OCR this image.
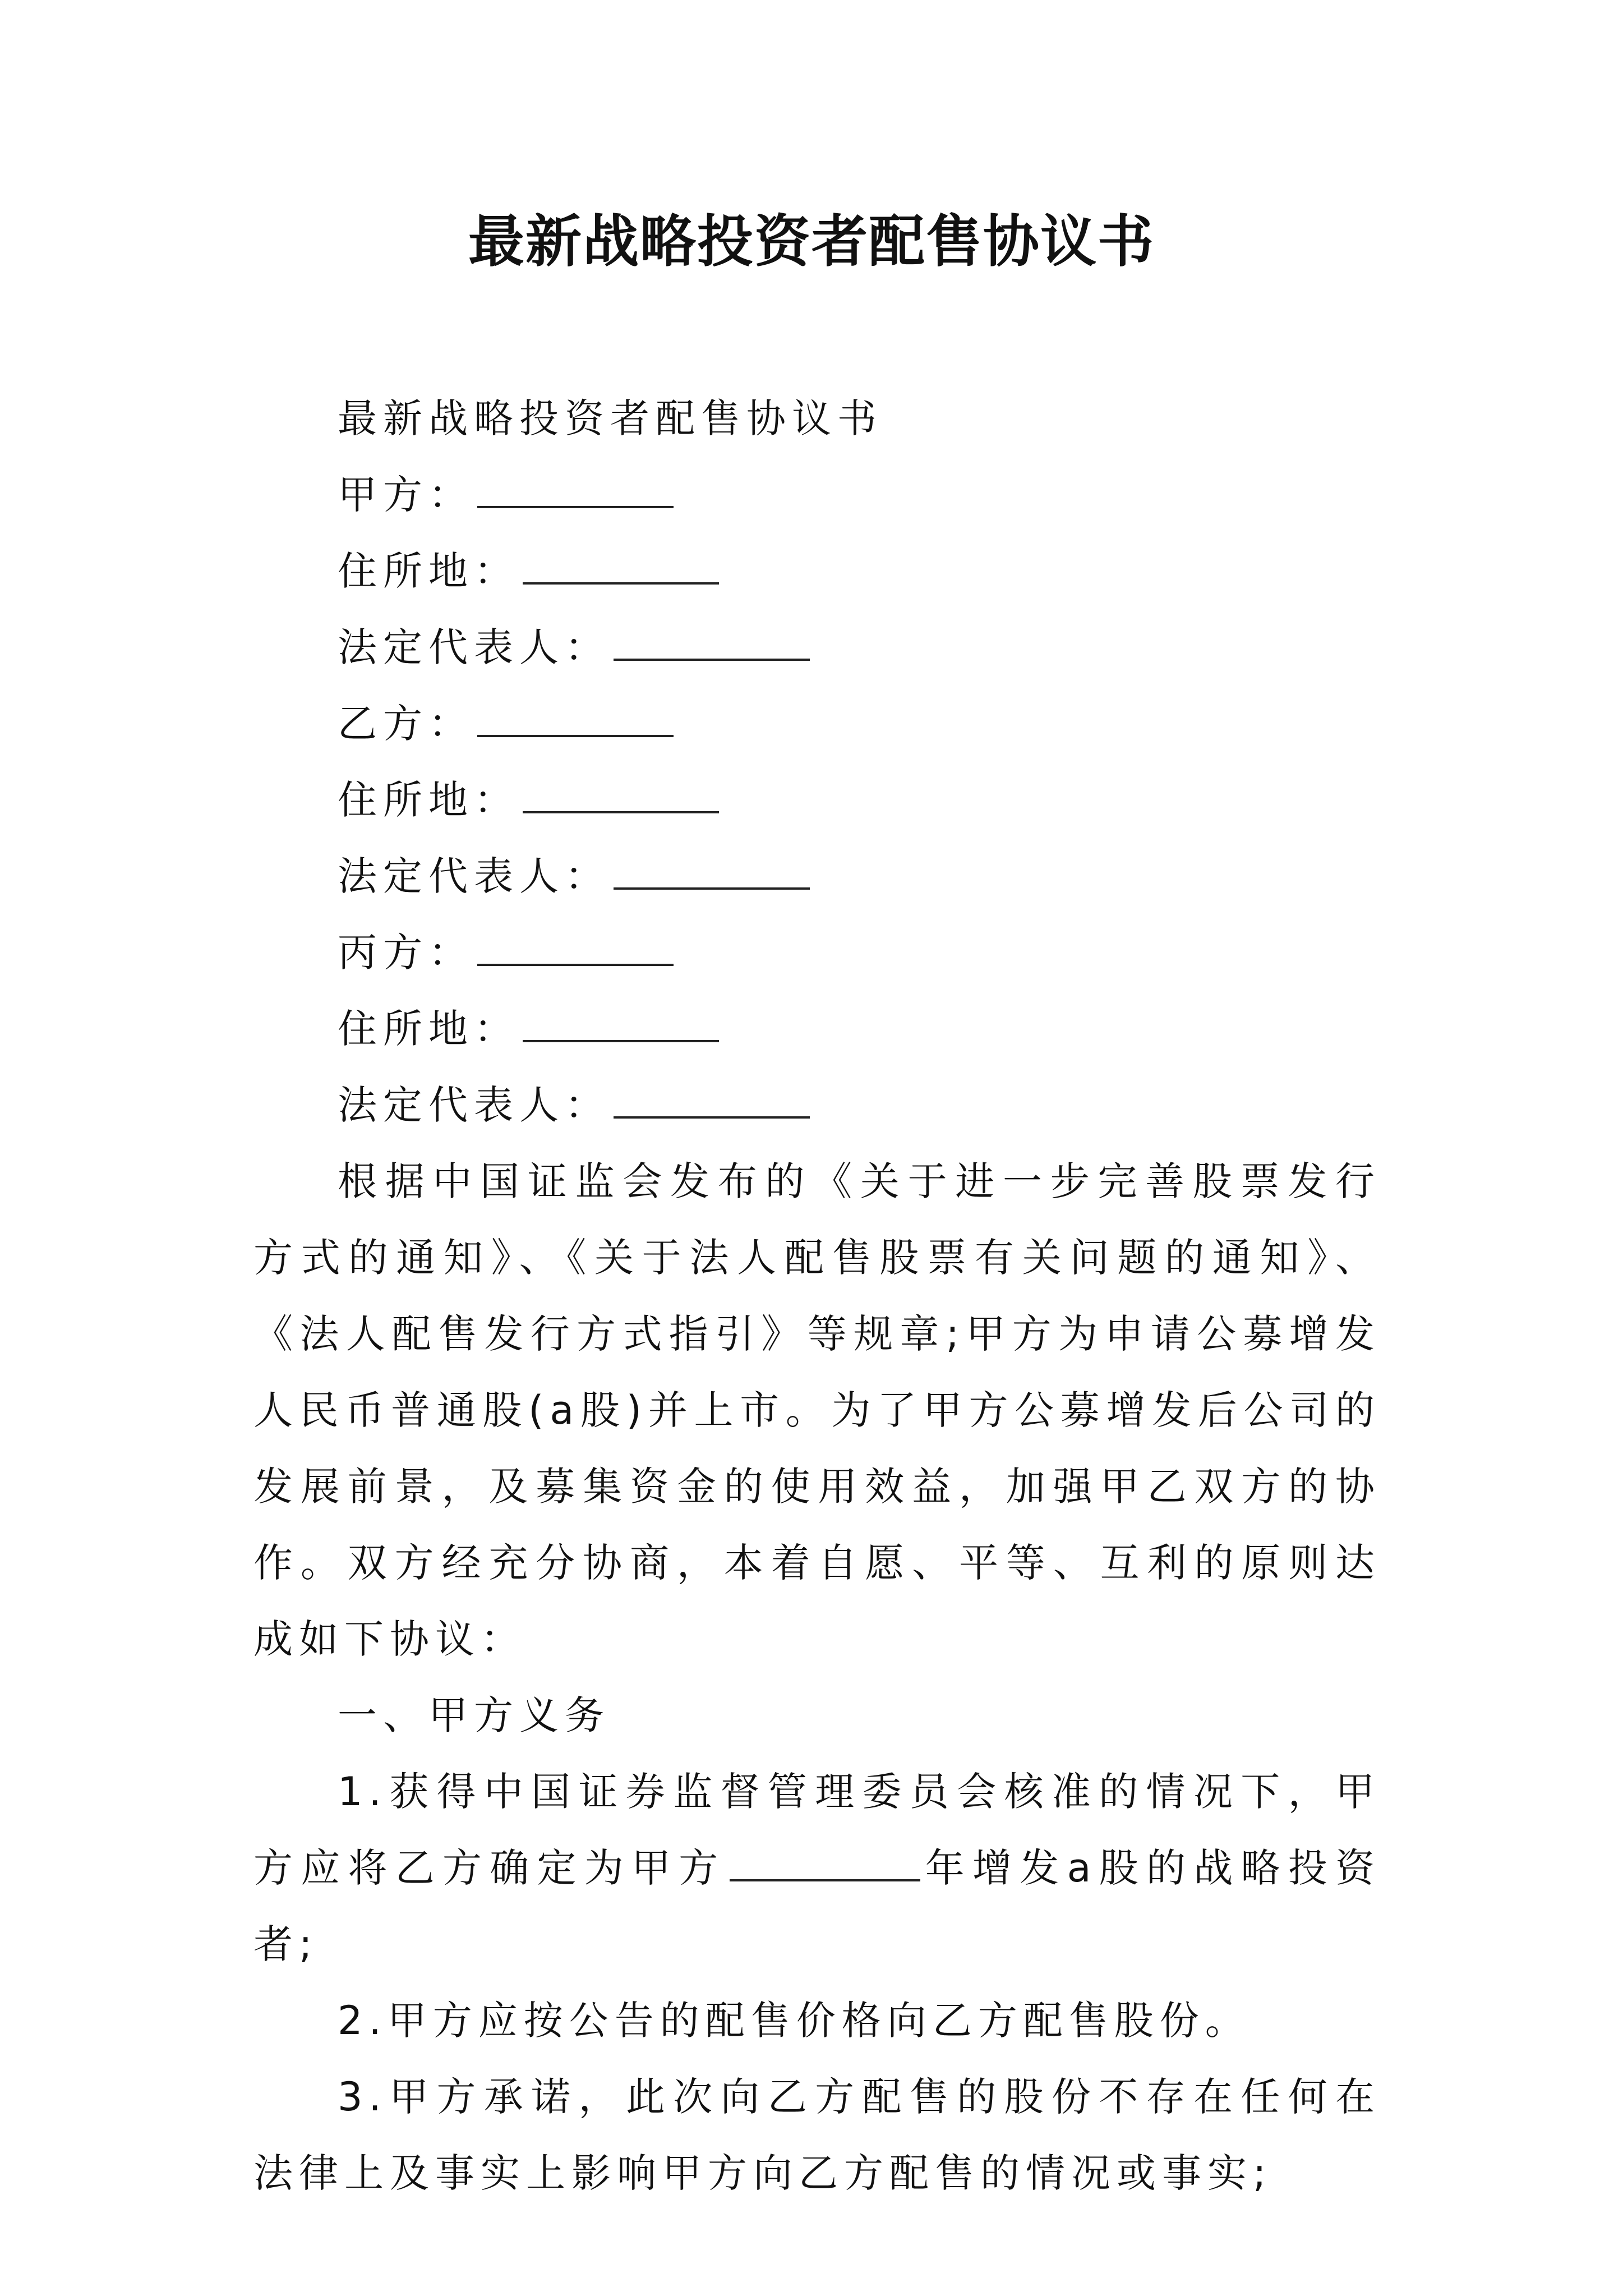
最新战略投资者配售协议书

最新战略投资者配售协议书

甲方：

住所地：

法定代表人：

乙方：

住所地：

法定代表人：

丙方：

住所地：

法定代表人：

根据中国证监会发布的《关于进一步完善股票发行方式的通知》、《关于法人配售股票有关问题的通知》、《法人配售发行方式指引》等规章;甲方为申请公募增发人民币普通股(a股)并上市。为了甲方公募增发后公司的发展前景，及募集资金的使用效益，加强甲乙双方的协作。双方经充分协商，本着自愿、平等、互利的原则达成如下协议：

一、甲方义务

1.获得中国证券监督管理委员会核准的情况下，甲方应将乙方确定为甲方	年增发a股的战略投资者;

2.甲方应按公告的配售价格向乙方配售股份。

3.甲方承诺，此次向乙方配售的股份不存在任何在法律上及事实上影响甲方向乙方配售的情况或事实;
